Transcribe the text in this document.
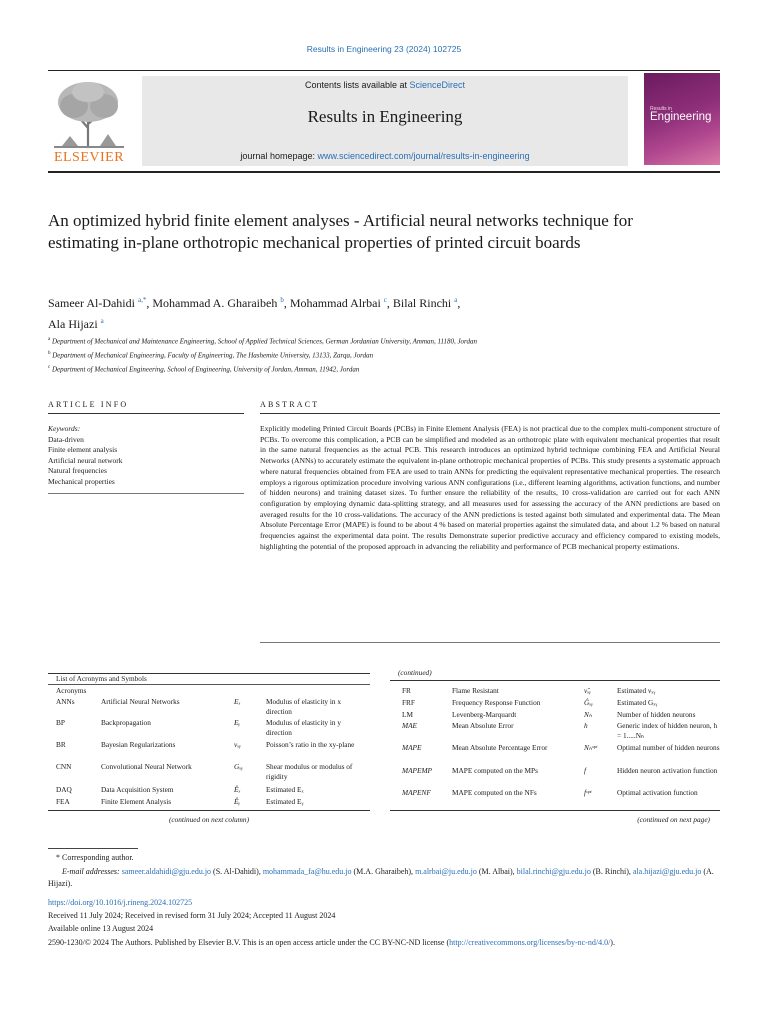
Results in Engineering 23 (2024) 102725
ELSEVIER
Contents lists available at ScienceDirect
Results in Engineering
journal homepage: www.sciencedirect.com/journal/results-in-engineering
Results in
Engineering
An optimized hybrid finite element analyses - Artificial neural networks technique for estimating in-plane orthotropic mechanical properties of printed circuit boards
Sameer Al-Dahidi $^{a,*}$, Mohammad A. Gharaibeh $^b$, Mohammad Alrbai $^c$, Bilal Rinchi $^a$,
Ala Hijazi $^a$
$^a$ Department of Mechanical and Maintenance Engineering, School of Applied Technical Sciences, German Jordanian University, Amman, 11180, Jordan
$^b$ Department of Mechanical Engineering, Faculty of Engineering, The Hashemite University, 13133, Zarqa, Jordan
$^c$ Department of Mechanical Engineering, School of Engineering, University of Jordan, Amman, 11942, Jordan
ARTICLE INFO	ABSTRACT
Keywords:
Data-driven
Finite element analysis
Artificial neural network
Natural frequencies
Mechanical properties
Explicitly modeling Printed Circuit Boards (PCBs) in Finite Element Analysis (FEA) is not practical due to the complex multi-component structure of PCBs. To overcome this complication, a PCB can be simplified and modeled as an orthotropic plate with equivalent mechanical properties that result in the same natural frequencies as the actual PCB. This research introduces an optimized hybrid technique combining FEA and Artificial Neural Networks (ANNs) to accurately estimate the equivalent in-plane orthotropic mechanical properties of PCBs. This study presents a systematic approach where natural frequencies obtained from FEA are used to train ANNs for predicting the equivalent representative mechanical properties. The research employs a rigorous optimization procedure involving various ANN configurations (i.e., different learning algorithms, activation functions, and number of hidden neurons) and training dataset sizes. To further ensure the reliability of the results, 10 cross-validation are carried out for each ANN configuration by employing dynamic data-splitting strategy, and all measures used for assessing the accuracy of the ANN predictions are based on averaged results for the 10 cross-validations. The accuracy of the ANN predictions is tested against both simulated and experimental data. The Mean Absolute Percentage Error (MAPE) is found to be about 4 % based on material properties against the simulated data, and about 1.2 % based on natural frequencies against the experimental data point. The results Demonstrate superior predictive accuracy and efficiency compared to existing models, highlighting the potential of the proposed approach in advancing the reliability and performance of PCB mechanical property estimations.
List of Acronyms and Symbols
Acronyms
ANNs	Artificial Neural Networks	Eₓ	Modulus of elasticity in x direction
BP	Backpropagation	Eᵧ	Modulus of elasticity in y direction
BR	Bayesian Regularizations	νₓᵧ	Poisson’s ratio in the xy-plane
CNN	Convolutional Neural Network	Gₓᵧ	Shear modulus or modulus of rigidity
DAQ	Data Acquisition System	Êₓ	Estimated Eₓ
FEA	Finite Element Analysis	Êᵧ	Estimated Eᵧ
(continued on next column)
(continued)
FR	Flame Resistant	ν̂ₓᵧ	Estimated νₓᵧ
FRF	Frequency Response Function	Ĝₓᵧ	Estimated Gₓᵧ
LM	Levenberg-Marquardt	Nₕ	Number of hidden neurons
MAE	Mean Absolute Error	h	Generic index of hidden neuron, h = 1.....Nₕ
MAPE	Mean Absolute Percentage Error	Nₕᵒᵖᵗ	Optimal number of hidden neurons
MAPEMP	MAPE computed on the MPs	f	Hidden neuron activation function
MAPENF	MAPE computed on the NFs	fᵒᵖᵗ	Optimal activation function
(continued on next page)
* Corresponding author.
E-mail addresses: sameer.aldahidi@gju.edu.jo (S. Al-Dahidi), mohammada_fa@hu.edu.jo (M.A. Gharaibeh), m.alrbai@ju.edu.jo (M. Albai), bilal.rinchi@gju.edu.jo (B. Rinchi), ala.hijazi@gju.edu.jo (A. Hijazi).
https://doi.org/10.1016/j.rineng.2024.102725
Received 11 July 2024; Received in revised form 31 July 2024; Accepted 11 August 2024
Available online 13 August 2024
2590-1230/© 2024 The Authors. Published by Elsevier B.V. This is an open access article under the CC BY-NC-ND license (http://creativecommons.org/licenses/by-nc-nd/4.0/).
